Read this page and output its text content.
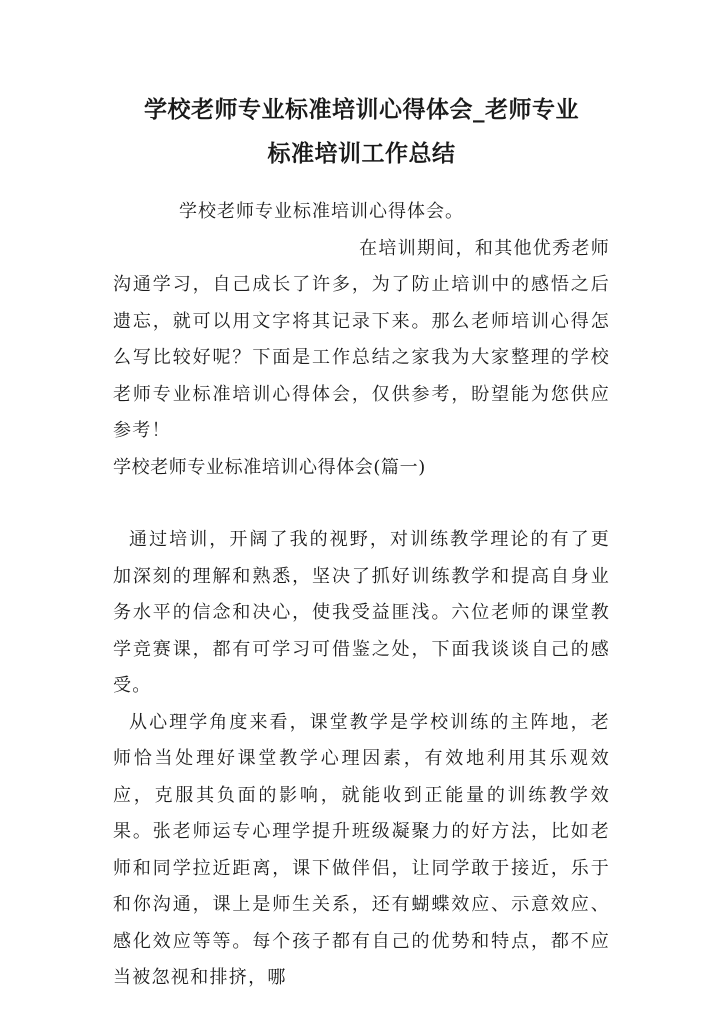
学校老师专业标准培训心得体会_老师专业
标准培训工作总结

学校老师专业标准培训心得体会。

在培训期间，和其他优秀老师

沟通学习，自己成长了许多，为了防止培训中的感悟之后遗忘，就可以用文字将其记录下来。那么老师培训心得怎么写比较好呢？下面是工作总结之家我为大家整理的学校老师专业标准培训心得体会，仅供参考，盼望能为您供应参考！

学校老师专业标准培训心得体会(篇一)

通过培训，开阔了我的视野，对训练教学理论的有了更加深刻的理解和熟悉，坚决了抓好训练教学和提高自身业务水平的信念和决心，使我受益匪浅。六位老师的课堂教学竞赛课，都有可学习可借鉴之处，下面我谈谈自己的感受。

从心理学角度来看，课堂教学是学校训练的主阵地，老师恰当处理好课堂教学心理因素，有效地利用其乐观效应，克服其负面的影响，就能收到正能量的训练教学效果。张老师运专心理学提升班级凝聚力的好方法，比如老师和同学拉近距离，课下做伴侣，让同学敢于接近，乐于和你沟通，课上是师生关系，还有蝴蝶效应、示意效应、感化效应等等。每个孩子都有自己的优势和特点，都不应当被忽视和排挤，哪
